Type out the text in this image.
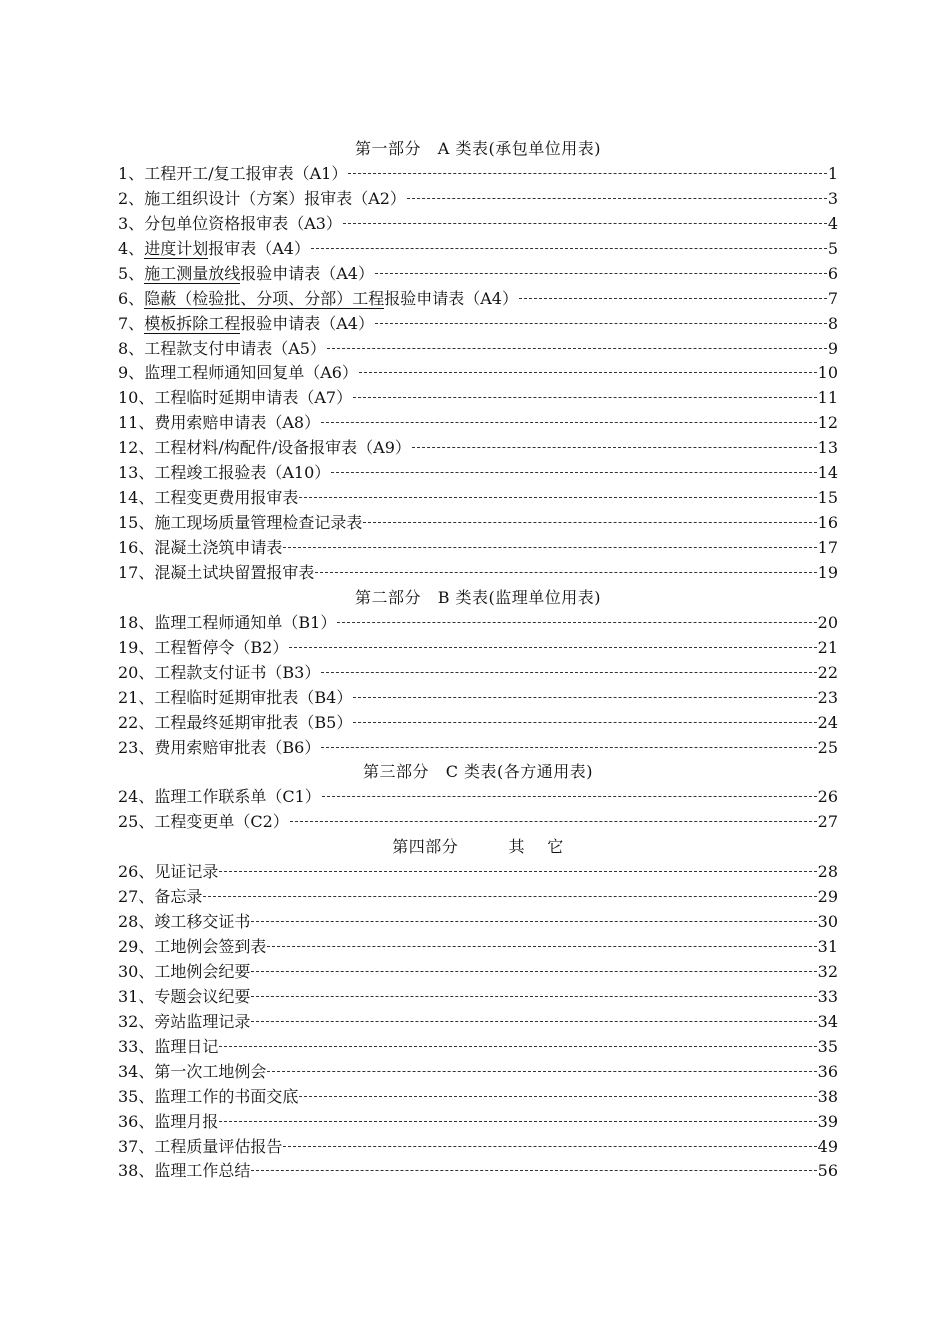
第一部分   A 类表(承包单位用表)
1、 工程开工/复工报审表（A1）	1
2、 施工组织设计（方案）报审表（A2）	3
3、 分包单位资格报审表（A3）	4
4、 进度计划报审表（A4）	5
5、 施工测量放线报验申请表（A4）	6
6、 隐蔽（检验批、分项、分部）工程报验申请表（A4）	7
7、 模板拆除工程报验申请表（A4）	8
8、 工程款支付申请表（A5）	9
9、 监理工程师通知回复单（A6）	10
10、 工程临时延期申请表（A7）	11
11、 费用索赔申请表（A8）	12
12、 工程材料/构配件/设备报审表（A9）	13
13、 工程竣工报验表（A10）	14
14、 工程变更费用报审表	15
15、 施工现场质量管理检查记录表	16
16、 混凝土浇筑申请表	17
17、 混凝土试块留置报审表	19
第二部分   B 类表(监理单位用表)
18、 监理工程师通知单（B1）	20
19、 工程暂停令（B2）	21
20、 工程款支付证书（B3）	22
21、 工程临时延期审批表（B4）	23
22、 工程最终延期审批表（B5）	24
23、 费用索赔审批表（B6）	25
第三部分   C 类表(各方通用表)
24、 监理工作联系单（C1）	26
25、 工程变更单（C2）	27
第四部分         其    它
26、 见证记录	28
27、 备忘录	29
28、 竣工移交证书	30
29、 工地例会签到表	31
30、 工地例会纪要	32
31、 专题会议纪要	33
32、 旁站监理记录	34
33、 监理日记	35
34、 第一次工地例会	36
35、 监理工作的书面交底	38
36、 监理月报	39
37、 工程质量评估报告	49
38、 监理工作总结	56
